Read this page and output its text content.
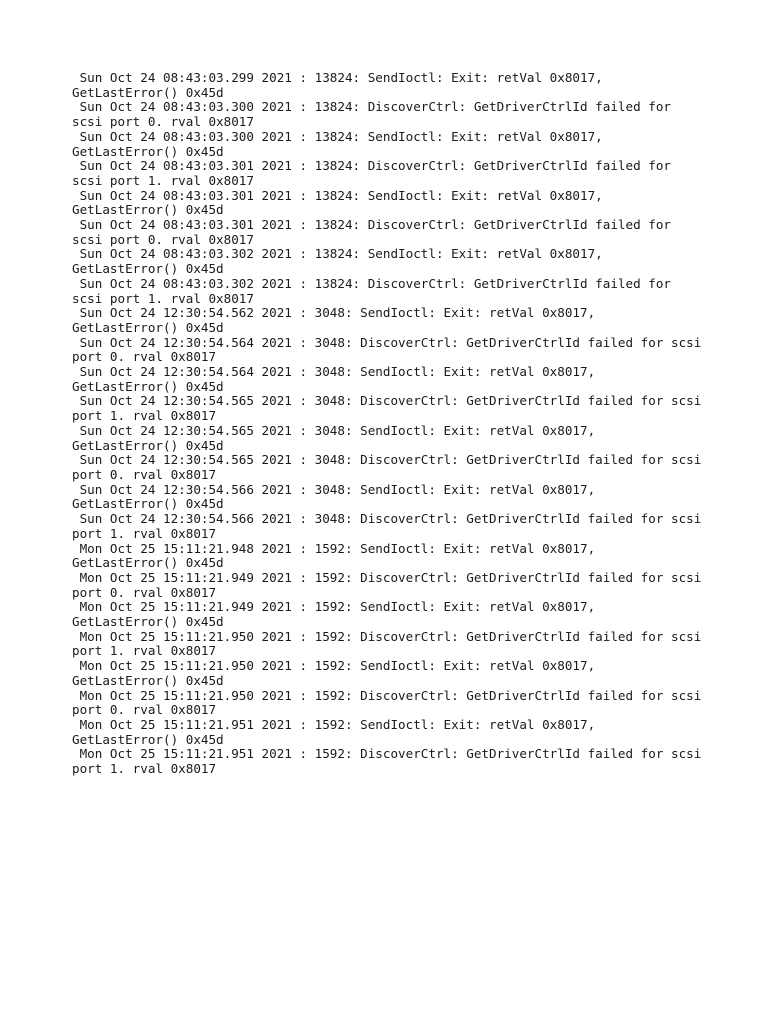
Sun Oct 24 08:43:03.299 2021 : 13824: SendIoctl: Exit: retVal 0x8017,

GetLastError() 0x45d

Sun Oct 24 08:43:03.300 2021 : 13824: DiscoverCtrl: GetDriverCtrlId failed for

scsi port 0. rval 0x8017

Sun Oct 24 08:43:03.300 2021 : 13824: SendIoctl: Exit: retVal 0x8017,

GetLastError() 0x45d

Sun Oct 24 08:43:03.301 2021 : 13824: DiscoverCtrl: GetDriverCtrlId failed for

scsi port 1. rval 0x8017

Sun Oct 24 08:43:03.301 2021 : 13824: SendIoctl: Exit: retVal 0x8017,

GetLastError() 0x45d

Sun Oct 24 08:43:03.301 2021 : 13824: DiscoverCtrl: GetDriverCtrlId failed for

scsi port 0. rval 0x8017

Sun Oct 24 08:43:03.302 2021 : 13824: SendIoctl: Exit: retVal 0x8017,

GetLastError() 0x45d

Sun Oct 24 08:43:03.302 2021 : 13824: DiscoverCtrl: GetDriverCtrlId failed for

scsi port 1. rval 0x8017

Sun Oct 24 12:30:54.562 2021 : 3048: SendIoctl: Exit: retVal 0x8017,

GetLastError() 0x45d

Sun Oct 24 12:30:54.564 2021 : 3048: DiscoverCtrl: GetDriverCtrlId failed for scsi

port 0. rval 0x8017

Sun Oct 24 12:30:54.564 2021 : 3048: SendIoctl: Exit: retVal 0x8017,

GetLastError() 0x45d

Sun Oct 24 12:30:54.565 2021 : 3048: DiscoverCtrl: GetDriverCtrlId failed for scsi

port 1. rval 0x8017

Sun Oct 24 12:30:54.565 2021 : 3048: SendIoctl: Exit: retVal 0x8017,

GetLastError() 0x45d

Sun Oct 24 12:30:54.565 2021 : 3048: DiscoverCtrl: GetDriverCtrlId failed for scsi

port 0. rval 0x8017

Sun Oct 24 12:30:54.566 2021 : 3048: SendIoctl: Exit: retVal 0x8017,

GetLastError() 0x45d

Sun Oct 24 12:30:54.566 2021 : 3048: DiscoverCtrl: GetDriverCtrlId failed for scsi

port 1. rval 0x8017

Mon Oct 25 15:11:21.948 2021 : 1592: SendIoctl: Exit: retVal 0x8017,

GetLastError() 0x45d

Mon Oct 25 15:11:21.949 2021 : 1592: DiscoverCtrl: GetDriverCtrlId failed for scsi

port 0. rval 0x8017

Mon Oct 25 15:11:21.949 2021 : 1592: SendIoctl: Exit: retVal 0x8017,

GetLastError() 0x45d

Mon Oct 25 15:11:21.950 2021 : 1592: DiscoverCtrl: GetDriverCtrlId failed for scsi

port 1. rval 0x8017

Mon Oct 25 15:11:21.950 2021 : 1592: SendIoctl: Exit: retVal 0x8017,

GetLastError() 0x45d

Mon Oct 25 15:11:21.950 2021 : 1592: DiscoverCtrl: GetDriverCtrlId failed for scsi

port 0. rval 0x8017

Mon Oct 25 15:11:21.951 2021 : 1592: SendIoctl: Exit: retVal 0x8017,

GetLastError() 0x45d

Mon Oct 25 15:11:21.951 2021 : 1592: DiscoverCtrl: GetDriverCtrlId failed for scsi

port 1. rval 0x8017
